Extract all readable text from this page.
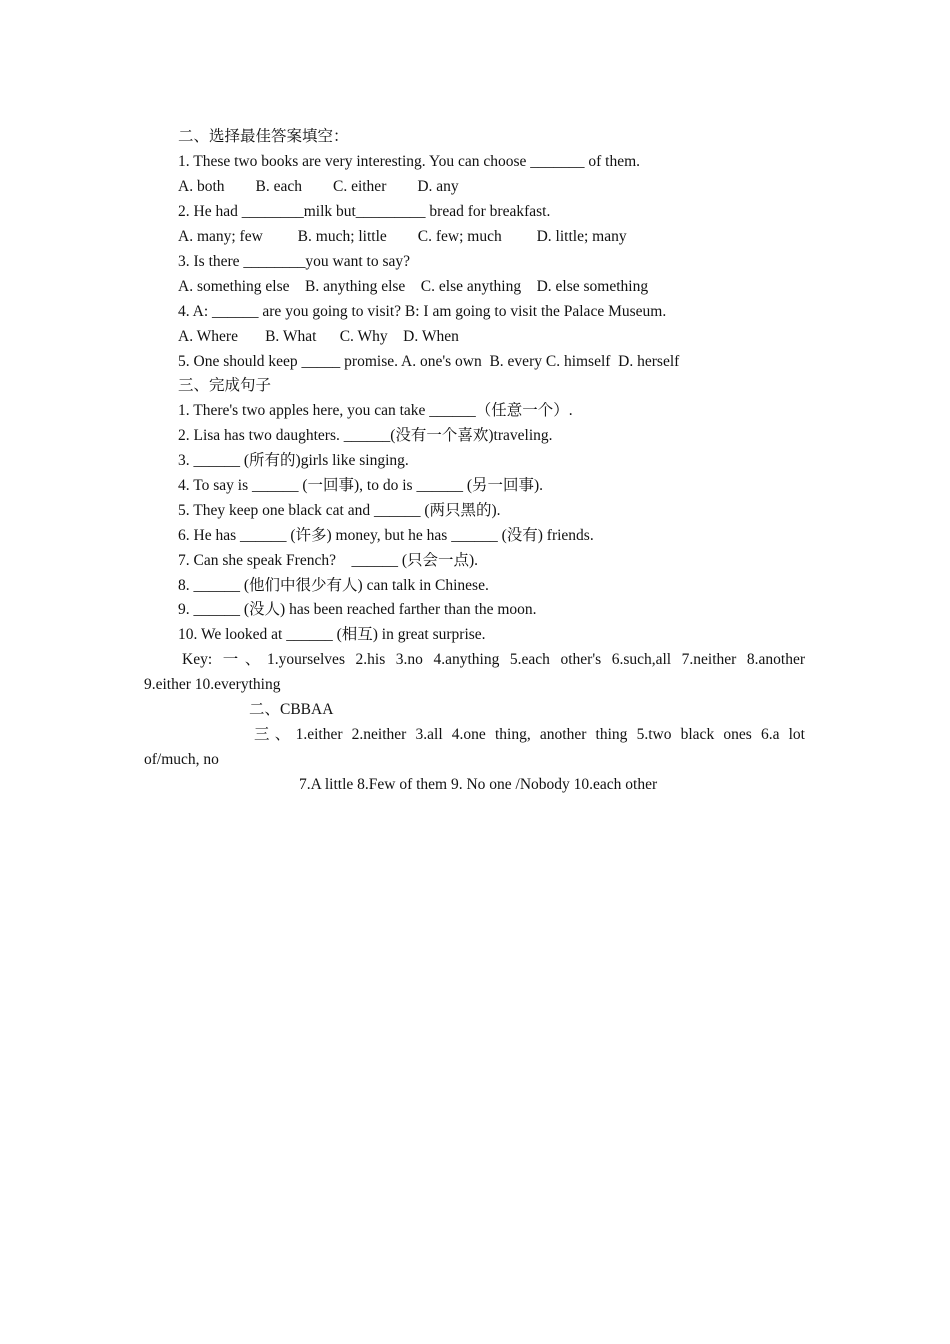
二、选择最佳答案填空：
1. These two books are very interesting. You can choose _______ of them.
A. both        B. each        C. either        D. any
2. He had ________milk but_________ bread for breakfast.
A. many; few         B. much; little        C. few; much         D. little; many
3. Is there ________you want to say?
A. something else    B. anything else    C. else anything    D. else something
4. A: ______ are you going to visit? B: I am going to visit the Palace Museum.
A. Where       B. What      C. Why    D. When
5. One should keep _____ promise. A. one's own  B. every C. himself  D. herself
三、完成句子
1. There's two apples here, you can take ______（任意一个）.
2. Lisa has two daughters. ______(没有一个喜欢)traveling.
3. ______ (所有的)girls like singing.
4. To say is ______ (一回事), to do is ______ (另一回事).
5. They keep one black cat and ______ (两只黑的).
6. He has ______ (许多) money, but he has ______ (没有) friends.
7. Can she speak French?    ______ (只会一点).
8. ______ (他们中很少有人) can talk in Chinese.
9. ______ (没人) has been reached farther than the moon.
10. We looked at ______ (相互) in great surprise.
Key: 一、1.yourselves 2.his 3.no 4.anything 5.each other's 6.such,all 7.neither 8.another
9.either 10.everything
二、CBBAA
三、1.either 2.neither 3.all 4.one thing, another thing 5.two black ones 6.a lot
of/much, no
7.A little 8.Few of them 9. No one /Nobody 10.each other
